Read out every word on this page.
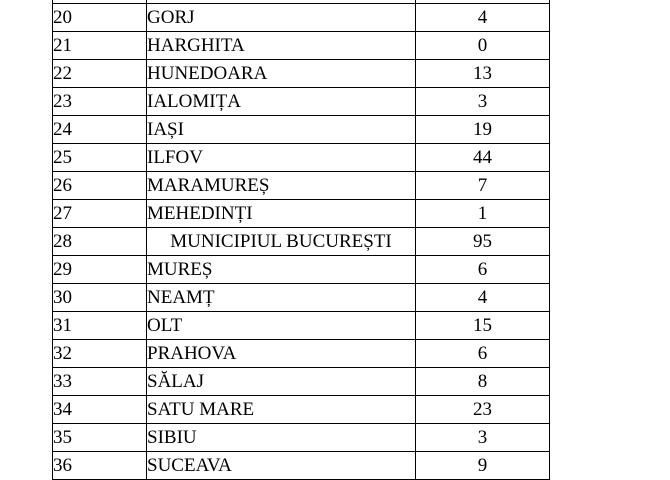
20	GORJ	4
21	HARGHITA	0
22	HUNEDOARA	13
23	IALOMIȚA	3
24	IAȘI	19
25	ILFOV	44
26	MARAMUREȘ	7
27	MEHEDINȚI	1
28	MUNICIPIUL BUCUREȘTI	95
29	MUREȘ	6
30	NEAMȚ	4
31	OLT	15
32	PRAHOVA	6
33	SĂLAJ	8
34	SATU MARE	23
35	SIBIU	3
36	SUCEAVA	9
